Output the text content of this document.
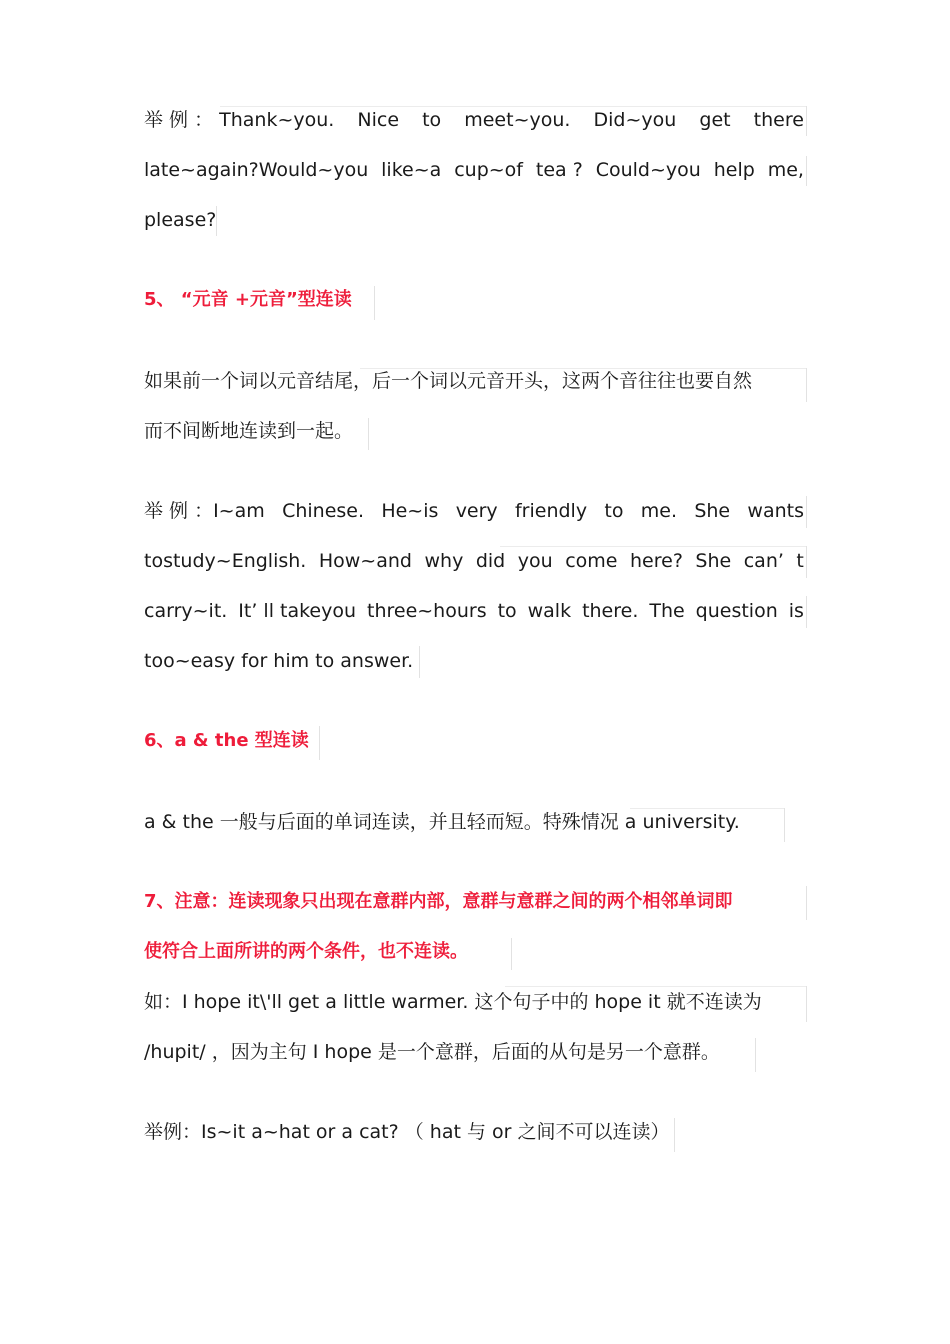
举 例 ： Thank~you. Nice to meet~you. Did~you get there
late~again?Would~you like~a cup~of tea ? Could~you help me,
please?
5、 “元音 +元音”型连读
如果前一个词以元音结尾，后一个词以元音开头，这两个音往往也要自然
而不间断地连读到一起。
举 例 ：I~am Chinese. He~is very friendly to me. She wants
tostudy~English. How~and why did you come here? She can’ t
carry~it. It’ ll takeyou three~hours to walk there. The question is
too~easy for him to answer.
6、a & the 型连读
a & the 一般与后面的单词连读，并且轻而短。特殊情况 a university.
7、注意：连读现象只出现在意群内部，意群与意群之间的两个相邻单词即
使符合上面所讲的两个条件，也不连读。
如：I hope it\'ll get a little warmer. 这个句子中的 hope it 就不连读为
/hupit/ ，因为主句 I hope 是一个意群，后面的从句是另一个意群。
举例：Is~it a~hat or a cat? （ hat 与 or 之间不可以连读）
